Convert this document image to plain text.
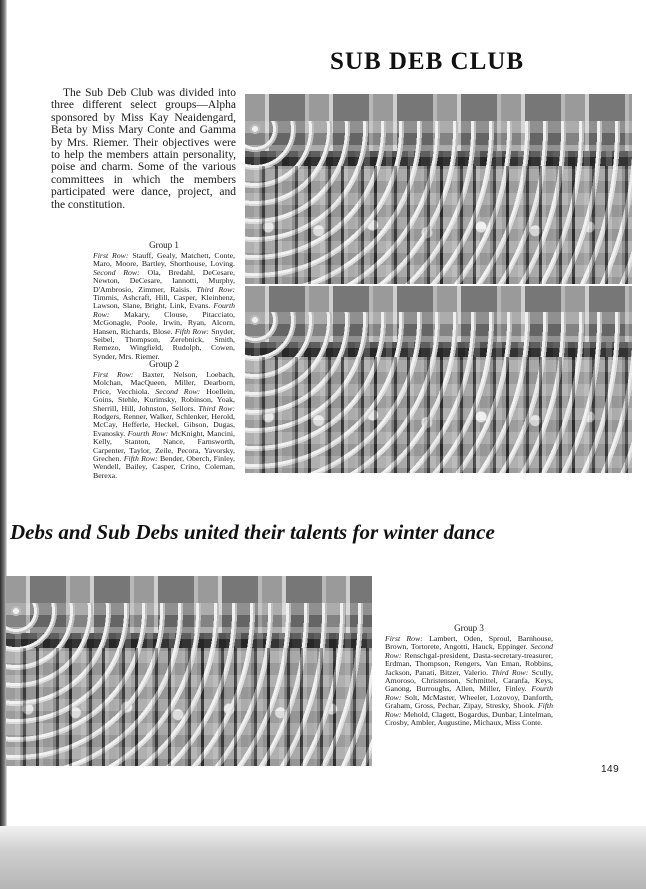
SUB DEB CLUB

The Sub Deb Club was divided into three different select groups—Alpha sponsored by Miss Kay Neaidengard, Beta by Miss Mary Conte and Gamma by Mrs. Riemer. Their objectives were to help the members attain personality, poise and charm. Some of the various committees in which the members participated were dance, project, and the constitution.

Group 1
First Row: Stauff, Gealy, Matchett, Conte, Maro, Moore, Bartley, Shorthouse, Loving. Second Row: Ola, Bredahl, DeCesare, Newton, DeCesare, Iannotti, Murphy, D'Ambrosio, Zimmer, Raisis. Third Row: Timmis, Ashcraft, Hill, Casper, Kleinhenz, Lawson, Slane, Bright, Link, Evans. Fourth Row: Makary, Clouse, Pitacciato, McGonagle, Poole, Irwin, Ryan, Alcorn, Hansen, Richards, Blose. Fifth Row: Snyder, Seibel, Thompson, Zerebnick, Smith, Remezo, Wingfield, Rudolph, Cowen, Synder, Mrs. Riemer.
Group 2
First Row: Baxter, Nelson, Loebach, Molchan, MacQueen, Miller, Dearborn, Price, Vecchiola. Second Row: Hoellein, Goins, Stehle, Kurimsky, Robinson, Yoak, Sherrill, Hill, Johnston, Sellors. Third Row: Rodgers, Renner, Walker, Schlenker, Herold, McCay, Hefferle, Heckel, Gibson, Dugas, Evanosky. Fourth Row: McKnight, Mancini, Kelly, Stanton, Nance, Farnsworth, Carpenter, Taylor, Zeile, Pecora, Yavorsky, Grechen. Fifth Row: Bender, Oberch, Finley, Wendell, Bailey, Casper, Crino, Coleman, Berexa.
Debs and Sub Debs united their talents for winter dance
Group 3
First Row: Lambert, Oden, Sproul, Barnhouse, Brown, Tortorete, Angotti, Hauck, Eppinger. Second Row: Renschgal-president, Dasta-secretary-treasurer, Erdman, Thompson, Rengers, Van Eman, Robbins, Jackson, Panati, Bitzer, Valerio. Third Row: Scully, Amoroso, Christenson, Schmittel, Caranfa, Keys, Ganong, Burroughs, Allen, Miller, Finley. Fourth Row: Solt, McMaster, Wheeler, Lozovoy, Danforth, Graham, Gross, Pechar, Zipay, Stresky, Shook. Fifth Row: Mehold, Clagett, Bogardus, Dunbar, Lintelman, Crosby, Ambler, Augustine, Michaux, Miss Conte.
149
